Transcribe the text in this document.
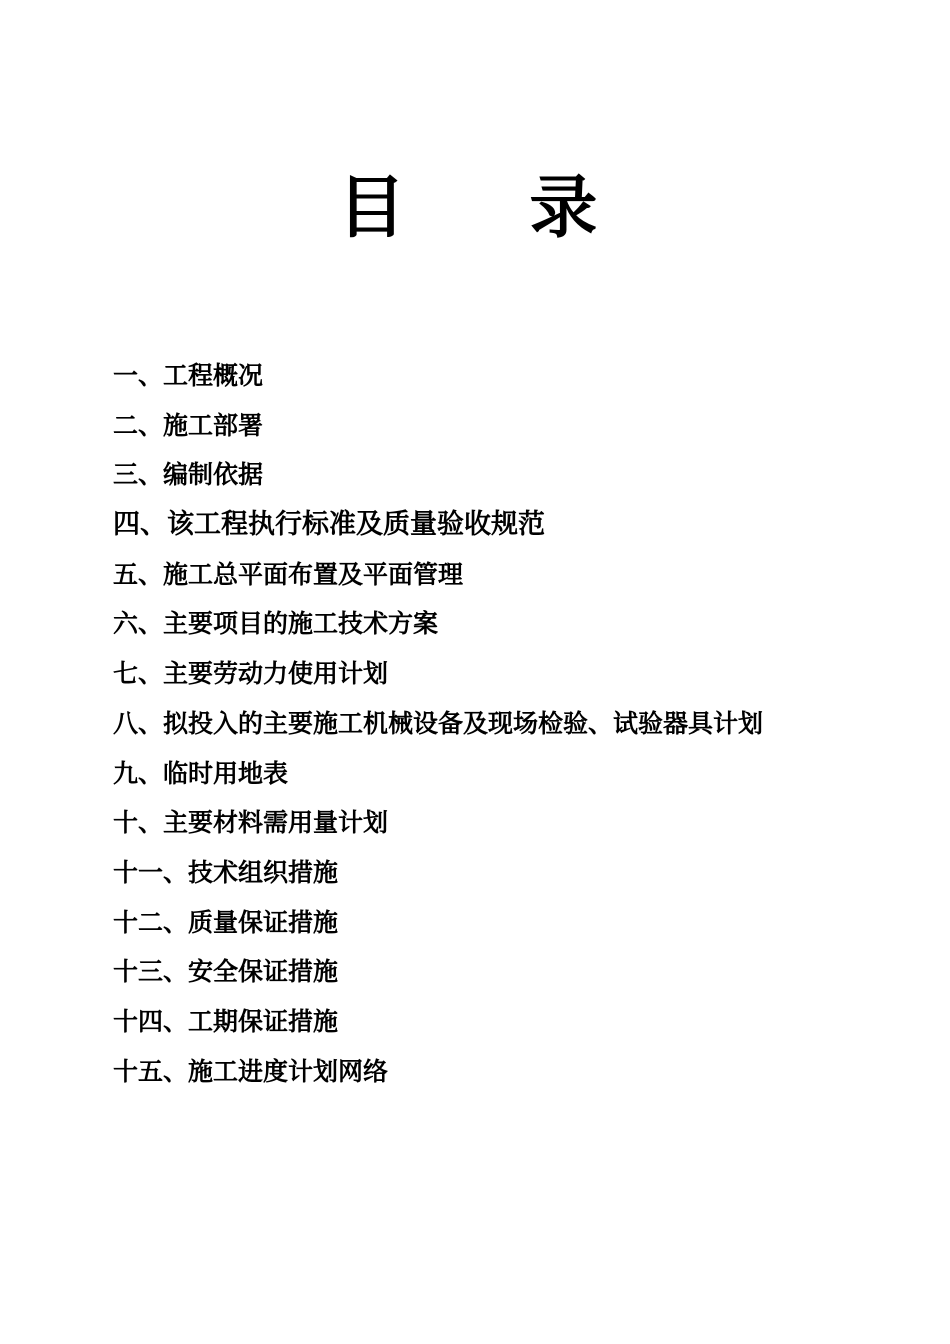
目 录
一、工程概况
二、施工部署
三、编制依据
四、该工程执行标准及质量验收规范
五、施工总平面布置及平面管理
六、主要项目的施工技术方案
七、主要劳动力使用计划
八、拟投入的主要施工机械设备及现场检验、试验器具计划
九、临时用地表
十、主要材料需用量计划
十一、技术组织措施
十二、质量保证措施
十三、安全保证措施
十四、工期保证措施
十五、施工进度计划网络
